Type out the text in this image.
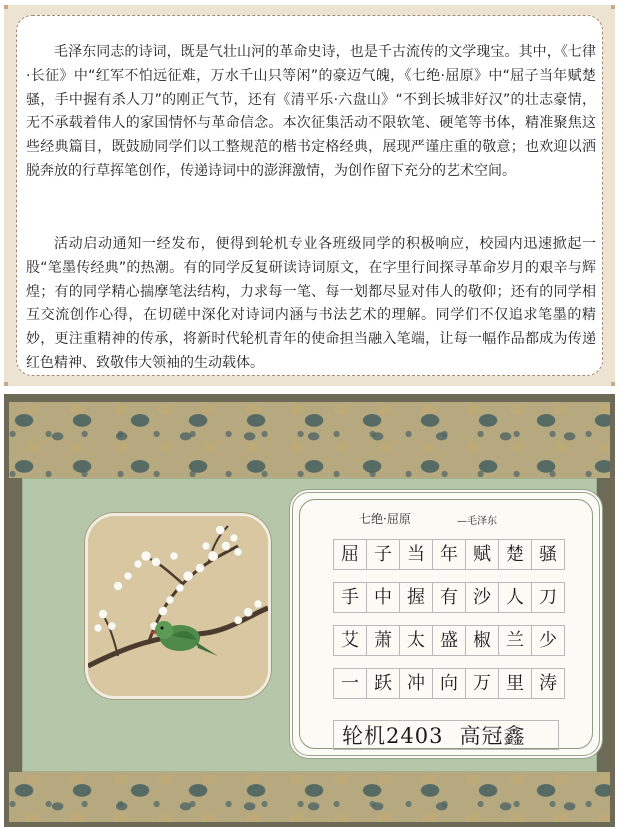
毛泽东同志的诗词，既是气壮山河的革命史诗，也是千古流传的文学瑰宝。其中，《七律·长征》中“红军不怕远征难，万水千山只等闲”的豪迈气魄，《七绝·屈原》中“屈子当年赋楚骚，手中握有杀人刀”的刚正气节，还有《清平乐·六盘山》“不到长城非好汉”的壮志豪情，无不承载着伟人的家国情怀与革命信念。本次征集活动不限软笔、硬笔等书体，精准聚焦这些经典篇目，既鼓励同学们以工整规范的楷书定格经典，展现严谨庄重的敬意；也欢迎以洒脱奔放的行草挥笔创作，传递诗词中的澎湃激情，为创作留下充分的艺术空间。

活动启动通知一经发布，便得到轮机专业各班级同学的积极响应，校园内迅速掀起一股“笔墨传经典”的热潮。有的同学反复研读诗词原文，在字里行间探寻革命岁月的艰辛与辉煌；有的同学精心揣摩笔法结构，力求每一笔、每一划都尽显对伟人的敬仰；还有的同学相互交流创作心得，在切磋中深化对诗词内涵与书法艺术的理解。同学们不仅追求笔墨的精妙，更注重精神的传承，将新时代轮机青年的使命担当融入笔端，让每一幅作品都成为传递红色精神、致敬伟大领袖的生动载体。

七绝·屈原	—毛泽东
屈 子 当 年 赋 楚 骚
手 中 握 有 沙 人 刀
艾 萧 太 盛 椒 兰 少
一 跃 冲 向 万 里 涛
轮机2403 高冠鑫
